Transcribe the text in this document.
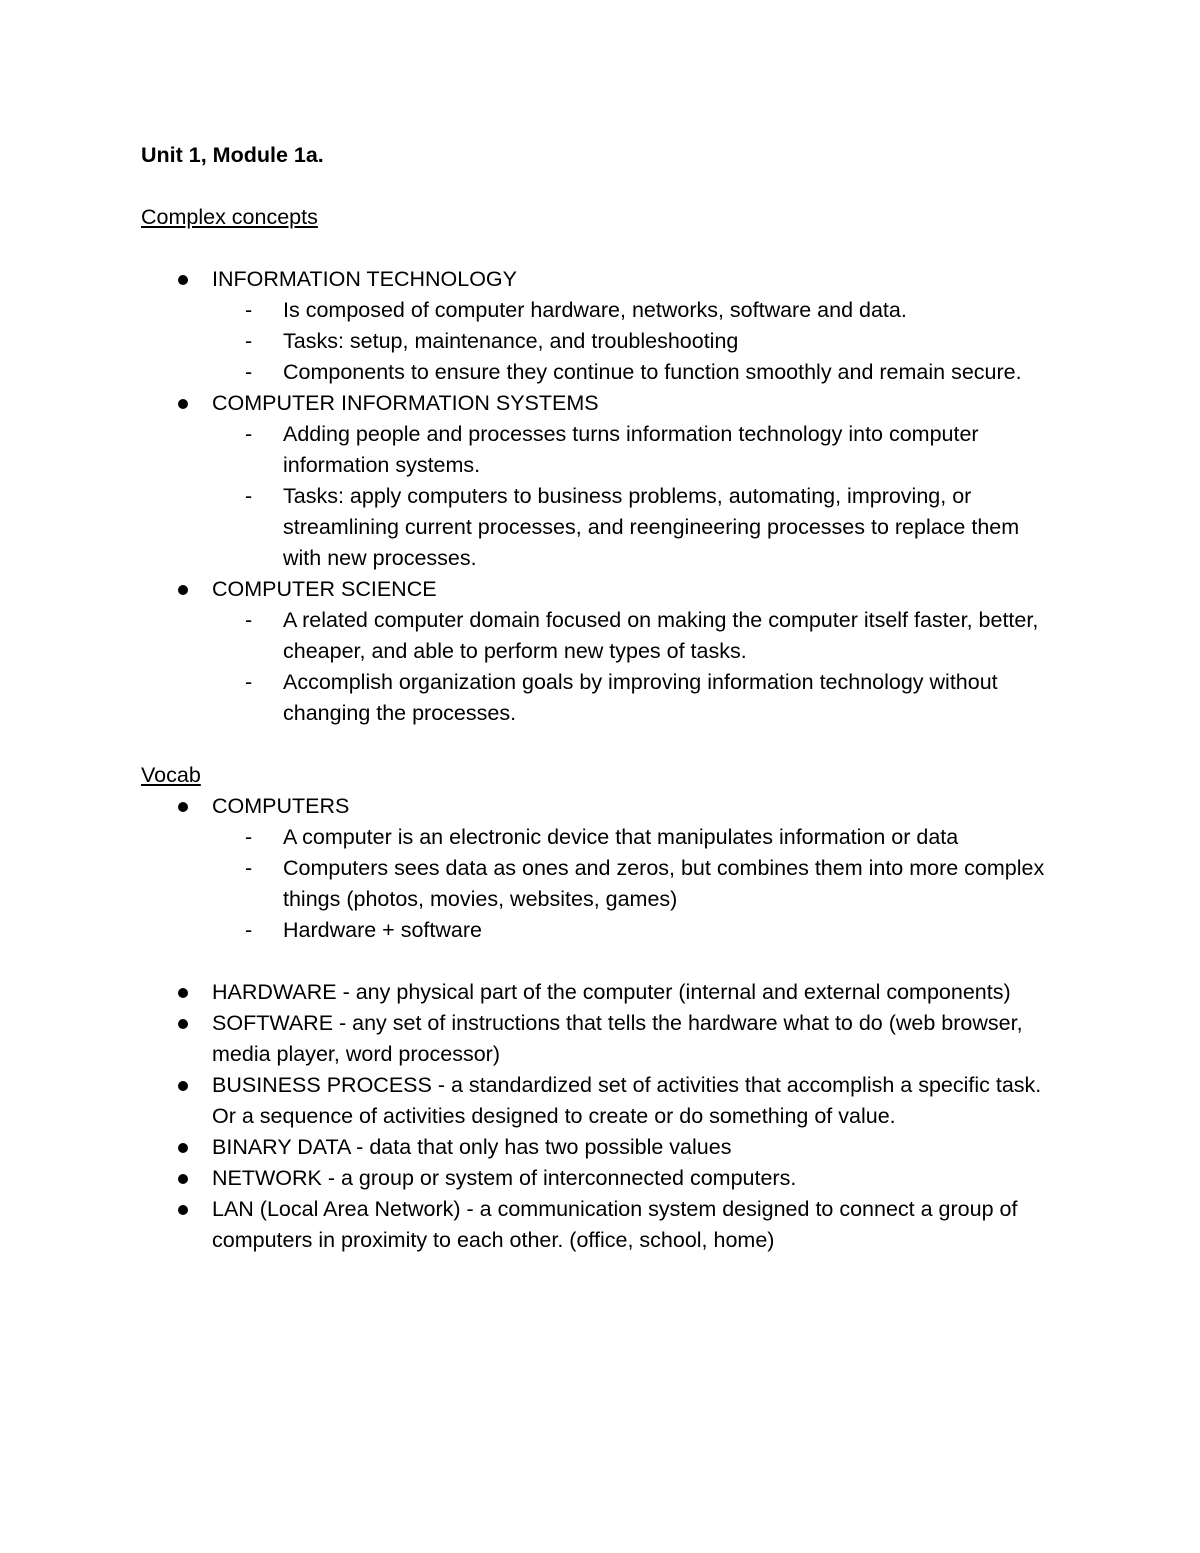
Unit 1, Module 1a.

Complex concepts

INFORMATION TECHNOLOGY
-	Is composed of computer hardware, networks, software and data.
-	Tasks: setup, maintenance, and troubleshooting
-	Components to ensure they continue to function smoothly and remain secure.
COMPUTER INFORMATION SYSTEMS
-	Adding people and processes turns information technology into computer information systems.
-	Tasks: apply computers to business problems, automating, improving, or streamlining current processes, and reengineering processes to replace them with new processes.
COMPUTER SCIENCE
-	A related computer domain focused on making the computer itself faster, better, cheaper, and able to perform new types of tasks.
-	Accomplish organization goals by improving information technology without changing the processes.

Vocab

COMPUTERS
-	A computer is an electronic device that manipulates information or data
-	Computers sees data as ones and zeros, but combines them into more complex things (photos, movies, websites, games)
-	Hardware + software
HARDWARE - any physical part of the computer (internal and external components)
SOFTWARE - any set of instructions that tells the hardware what to do (web browser, media player, word processor)
BUSINESS PROCESS - a standardized set of activities that accomplish a specific task. Or a sequence of activities designed to create or do something of value.
BINARY DATA - data that only has two possible values
NETWORK - a group or system of interconnected computers.
LAN (Local Area Network) - a communication system designed to connect a group of computers in proximity to each other. (office, school, home)
